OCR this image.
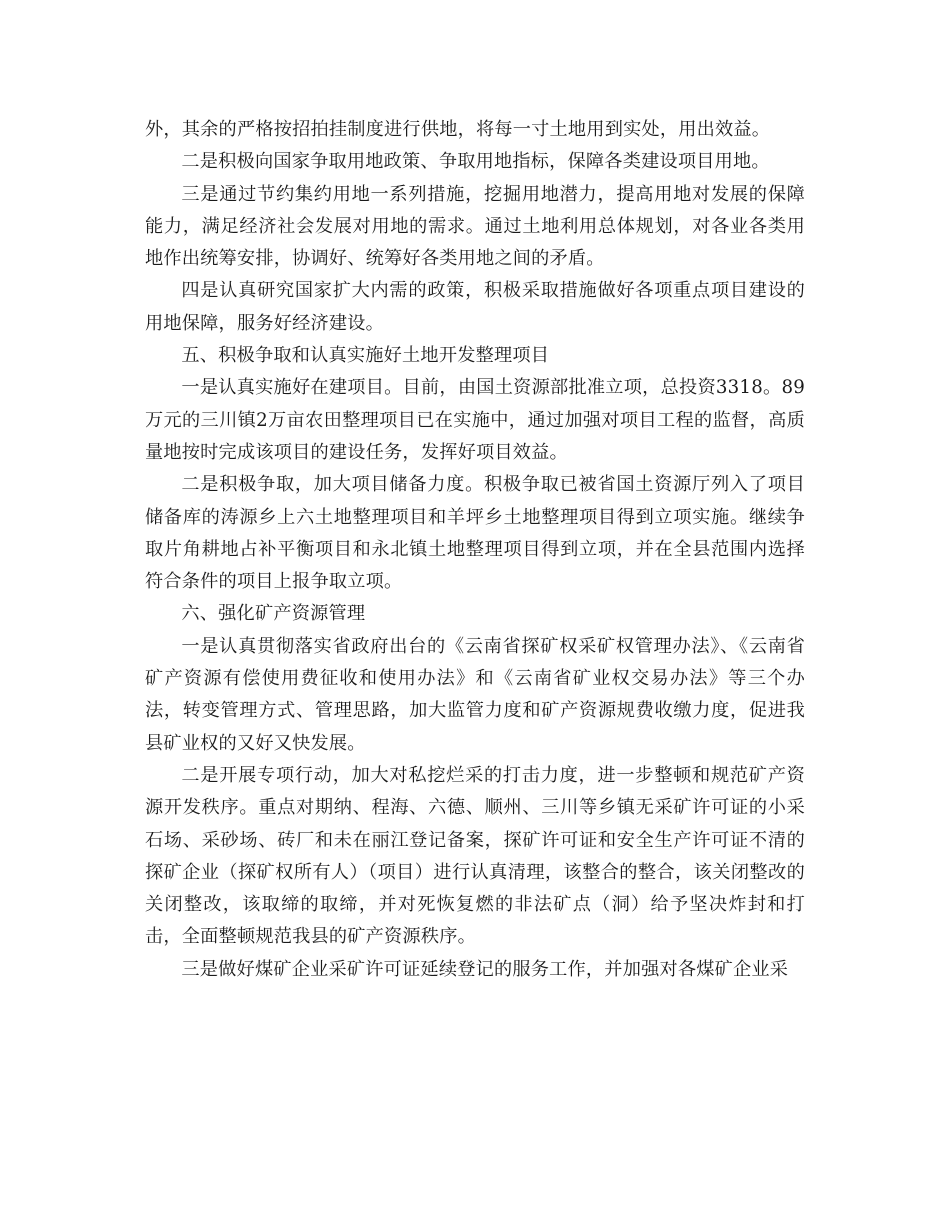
外，其余的严格按招拍挂制度进行供地，将每一寸土地用到实处，用出效益。

二是积极向国家争取用地政策、争取用地指标，保障各类建设项目用地。

三是通过节约集约用地一系列措施，挖掘用地潜力，提高用地对发展的保障能力，满足经济社会发展对用地的需求。通过土地利用总体规划，对各业各类用地作出统筹安排，协调好、统筹好各类用地之间的矛盾。

四是认真研究国家扩大内需的政策，积极采取措施做好各项重点项目建设的用地保障，服务好经济建设。

五、积极争取和认真实施好土地开发整理项目

一是认真实施好在建项目。目前，由国土资源部批准立项，总投资3318。89万元的三川镇2万亩农田整理项目已在实施中，通过加强对项目工程的监督，高质量地按时完成该项目的建设任务，发挥好项目效益。

二是积极争取，加大项目储备力度。积极争取已被省国土资源厅列入了项目储备库的涛源乡上六土地整理项目和羊坪乡土地整理项目得到立项实施。继续争取片角耕地占补平衡项目和永北镇土地整理项目得到立项，并在全县范围内选择符合条件的项目上报争取立项。

六、强化矿产资源管理

一是认真贯彻落实省政府出台的《云南省探矿权采矿权管理办法》、《云南省矿产资源有偿使用费征收和使用办法》和《云南省矿业权交易办法》等三个办法，转变管理方式、管理思路，加大监管力度和矿产资源规费收缴力度，促进我县矿业权的又好又快发展。

二是开展专项行动，加大对私挖烂采的打击力度，进一步整顿和规范矿产资源开发秩序。重点对期纳、程海、六德、顺州、三川等乡镇无采矿许可证的小采石场、采砂场、砖厂和未在丽江登记备案，探矿许可证和安全生产许可证不清的探矿企业（探矿权所有人）（项目）进行认真清理，该整合的整合，该关闭整改的关闭整改，该取缔的取缔，并对死恢复燃的非法矿点（洞）给予坚决炸封和打击，全面整顿规范我县的矿产资源秩序。

三是做好煤矿企业采矿许可证延续登记的服务工作，并加强对各煤矿企业采
